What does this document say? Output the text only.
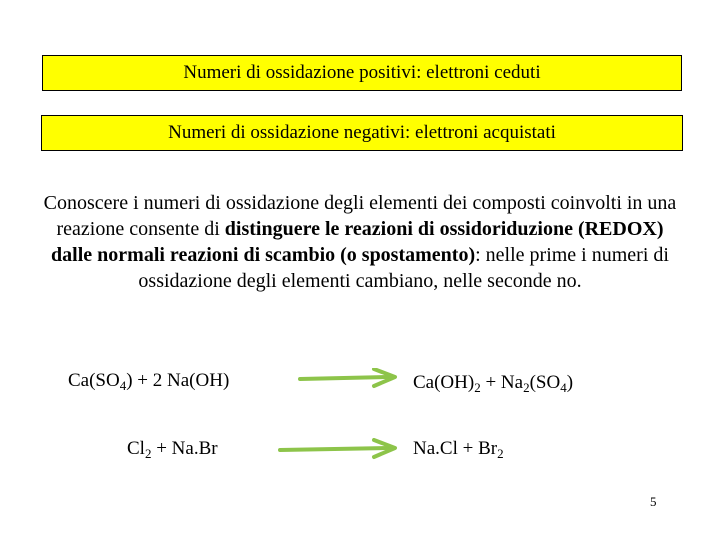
Numeri di ossidazione positivi: elettroni ceduti
Numeri di ossidazione negativi: elettroni acquistati
Conoscere i numeri di ossidazione degli elementi dei composti coinvolti in una reazione consente di distinguere le reazioni di ossidoriduzione (REDOX) dalle normali reazioni di scambio (o spostamento): nelle prime i numeri di ossidazione degli elementi cambiano, nelle seconde no.
$Ca(SO_4) + 2$ Na(OH)	$Ca(OH)_2 + Na_2(SO_4)$
$Cl_2 + Na.Br$	$Na.Cl + Br_2$
5
